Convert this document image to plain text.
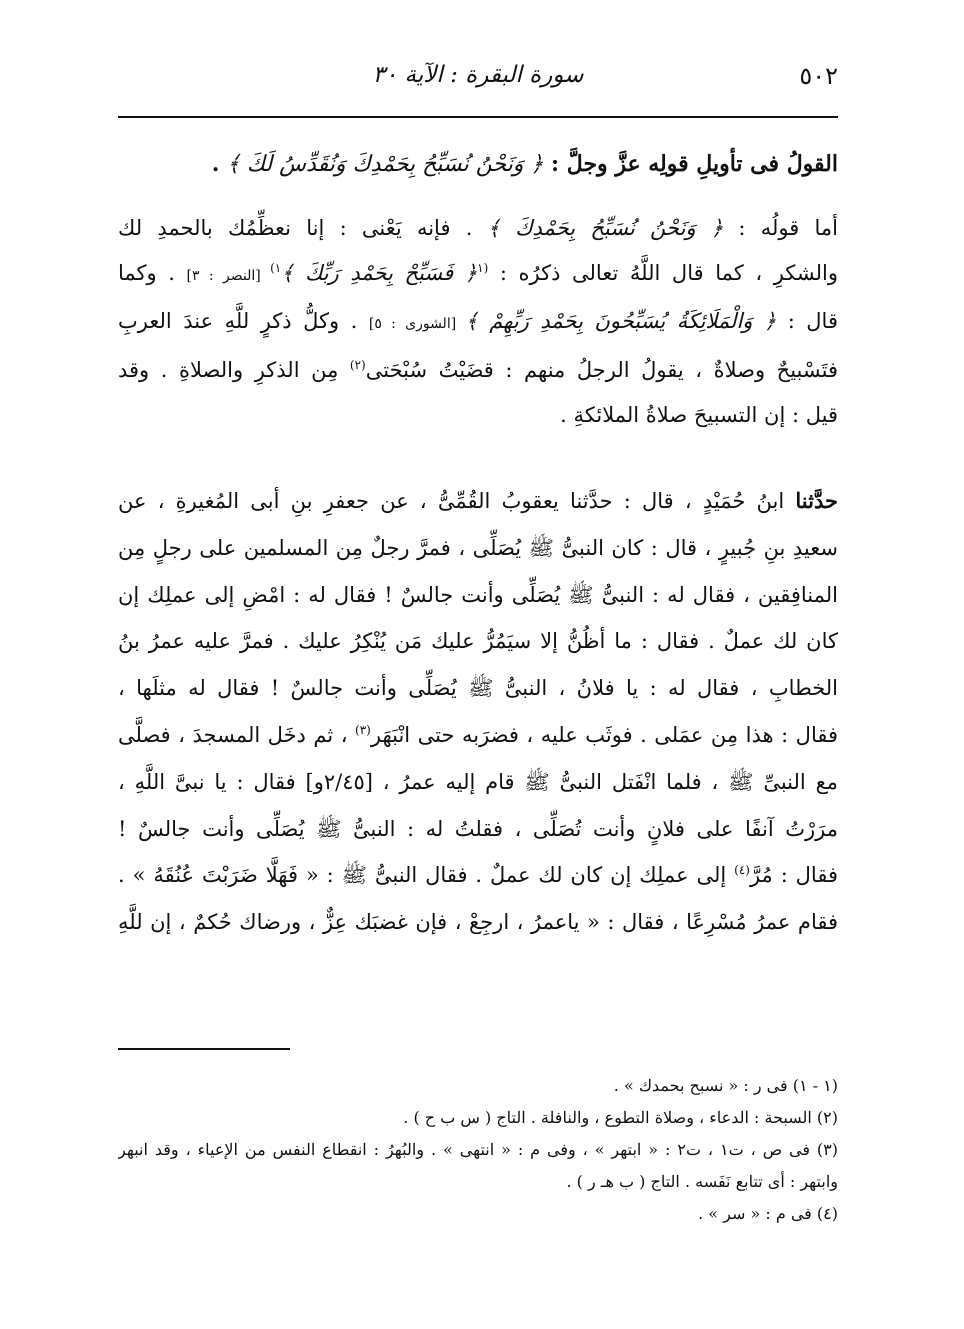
٥٠٢
سورة البقرة : الآية ٣٠
القولُ فى تأويلِ قولِه عزَّ وجلَّ : ﴿ وَنَحْنُ نُسَبِّحُ بِحَمْدِكَ وَنُقَدِّسُ لَكَ ﴾ .
أما قولُه : ﴿ وَنَحْنُ نُسَبِّحُ بِحَمْدِكَ ﴾ . فإنه يَعْنى : إنا نعظِّمُك بالحمدِ لك
والشكرِ ، كما قال اللَّهُ تعالى ذكرُه : $^{(١}$﴿ فَسَبِّحْ بِحَمْدِ رَبِّكَ ﴾$^{١)}$ [النصر : ٣] . وكما
قال : ﴿ وَالْمَلَائِكَةُ يُسَبِّحُونَ بِحَمْدِ رَبِّهِمْ ﴾ [الشورى : ٥] . وكلُّ ذكرٍ للَّهِ عندَ العربِ
فتَسْبيحٌ وصلاةٌ ، يقولُ الرجلُ منهم : قضَيْتُ سُبْحَتى$^{(٢)}$ مِن الذكرِ والصلاةِ . وقد
قيل : إن التسبيحَ صلاةُ الملائكةِ .
حدَّثنا ابنُ حُمَيْدٍ ، قال : حدَّثنا يعقوبُ القُمِّىُّ ، عن جعفرِ بنِ أبى المُغيرةِ ، عن
سعيدِ بنِ جُبيرٍ ، قال : كان النبىُّ ﷺ يُصَلِّى ، فمرَّ رجلٌ مِن المسلمين على رجلٍ مِن
المنافِقين ، فقال له : النبىُّ ﷺ يُصَلِّى وأنت جالسٌ ! فقال له : امْضِ إلى عملِك إن
كان لك عملٌ . فقال : ما أظُنُّ إلا سيَمُرُّ عليك مَن يُنْكِرُ عليك . فمرَّ عليه عمرُ بنُ
الخطابِ ، فقال له : يا فلانُ ، النبىُّ ﷺ يُصَلِّى وأنت جالسٌ ! فقال له مثلَها ،
فقال : هذا مِن عمَلى . فوثَب عليه ، فضرَبه حتى انْبَهَر$^{(٣)}$ ، ثم دخَل المسجدَ ، فصلَّى
مع النبىِّ ﷺ ، فلما انْفَتل النبىُّ ﷺ قام إليه عمرُ ، [٢/٤٥و] فقال : يا نبىَّ اللَّهِ ،
مرَرْتُ آنفًا على فلانٍ وأنت تُصَلِّى ، فقلتُ له : النبىُّ ﷺ يُصَلِّى وأنت جالسٌ !
فقال : مُرَّ$^{(٤)}$ إلى عملِك إن كان لك عملٌ . فقال النبىُّ ﷺ : « فَهَلَّا ضَرَبْتَ عُنُقَهُ » .
فقام عمرُ مُسْرِعًا ، فقال : « ياعمرُ ، ارجِعْ ، فإن غضبَك عِزٌّ ، ورضاك حُكمٌ ، إن للَّهِ
(١ - ١) فى ر : « نسبح بحمدك » .
(٢) السبحة : الدعاء ، وصلاة التطوع ، والنافلة . التاج ( س ب ح ) .
(٣) فى ص ، ت١ ، ت٢ : « ابتهر » ، وفى م : « انتهى » . والبُهرُ : انقطاع النفس من الإعياء ، وقد انبهر
وابتهر : أى تتابع نَفَسه . التاج ( ب هـ ر ) .
(٤) فى م : « سر » .
